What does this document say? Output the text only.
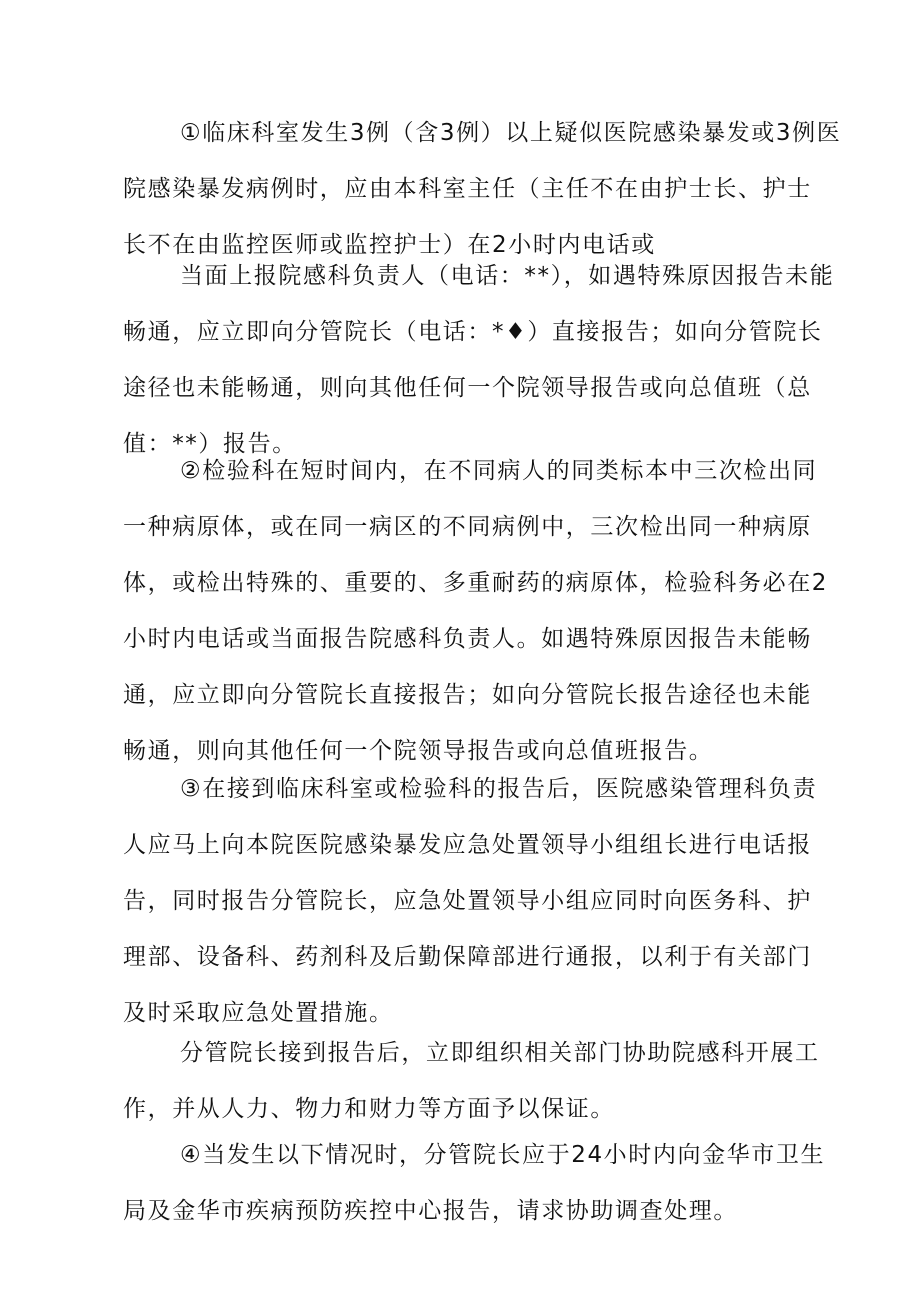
①临床科室发生3例（含3例）以上疑似医院感染暴发或3例医
院感染暴发病例时，应由本科室主任（主任不在由护士长、护士
长不在由监控医师或监控护士）在2小时内电话或
当面上报院感科负责人（电话：**），如遇特殊原因报告未能
畅通，应立即向分管院长（电话：*♦）直接报告；如向分管院长
途径也未能畅通，则向其他任何一个院领导报告或向总值班（总
值：**）报告。
②检验科在短时间内，在不同病人的同类标本中三次检出同
一种病原体，或在同一病区的不同病例中，三次检出同一种病原
体，或检出特殊的、重要的、多重耐药的病原体，检验科务必在2
小时内电话或当面报告院感科负责人。如遇特殊原因报告未能畅
通，应立即向分管院长直接报告；如向分管院长报告途径也未能
畅通，则向其他任何一个院领导报告或向总值班报告。
③在接到临床科室或检验科的报告后，医院感染管理科负责
人应马上向本院医院感染暴发应急处置领导小组组长进行电话报
告，同时报告分管院长，应急处置领导小组应同时向医务科、护
理部、设备科、药剂科及后勤保障部进行通报，以利于有关部门
及时采取应急处置措施。
分管院长接到报告后，立即组织相关部门协助院感科开展工
作，并从人力、物力和财力等方面予以保证。
④当发生以下情况时，分管院长应于24小时内向金华市卫生
局及金华市疾病预防疾控中心报告，请求协助调查处理。
